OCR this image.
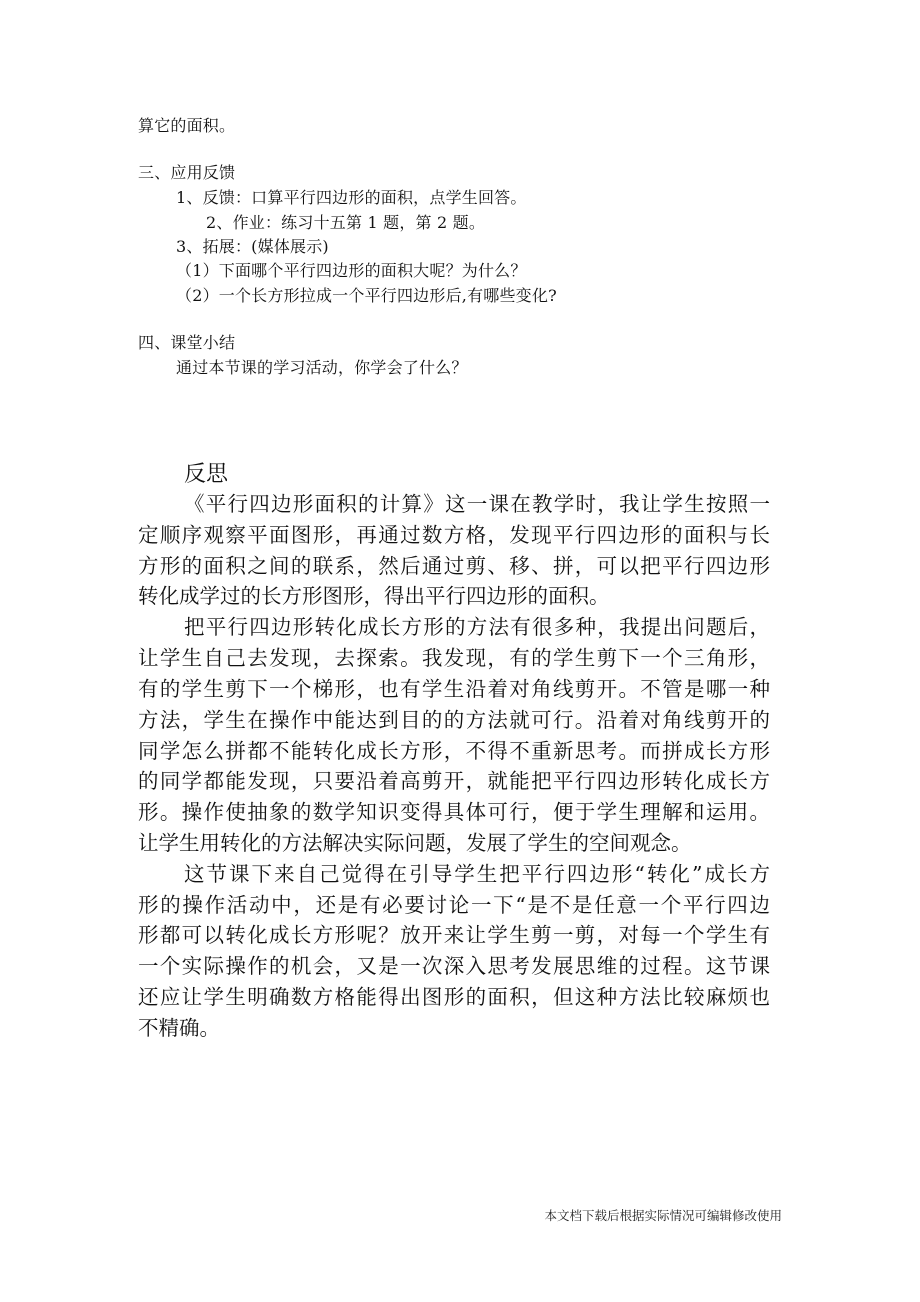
算它的面积。
三、应用反馈
1、反馈：口算平行四边形的面积，点学生回答。
2、作业：练习十五第 1 题，第 2 题。
3、拓展：(媒体展示)
（1）下面哪个平行四边形的面积大呢？为什么？
（2）一个长方形拉成一个平行四边形后,有哪些变化?
四、课堂小结
通过本节课的学习活动，你学会了什么？
反思
《平行四边形面积的计算》这一课在教学时，我让学生按照一
定顺序观察平面图形，再通过数方格，发现平行四边形的面积与长
方形的面积之间的联系，然后通过剪、移、拼，可以把平行四边形
转化成学过的长方形图形，得出平行四边形的面积。
把平行四边形转化成长方形的方法有很多种，我提出问题后，
让学生自己去发现，去探索。我发现，有的学生剪下一个三角形，
有的学生剪下一个梯形，也有学生沿着对角线剪开。不管是哪一种
方法，学生在操作中能达到目的的方法就可行。沿着对角线剪开的
同学怎么拼都不能转化成长方形，不得不重新思考。而拼成长方形
的同学都能发现，只要沿着高剪开，就能把平行四边形转化成长方
形。操作使抽象的数学知识变得具体可行，便于学生理解和运用。
让学生用转化的方法解决实际问题，发展了学生的空间观念。
这节课下来自己觉得在引导学生把平行四边形“转化”成长方
形的操作活动中，还是有必要讨论一下“是不是任意一个平行四边
形都可以转化成长方形呢？放开来让学生剪一剪，对每一个学生有
一个实际操作的机会，又是一次深入思考发展思维的过程。这节课
还应让学生明确数方格能得出图形的面积，但这种方法比较麻烦也
不精确。
本文档下载后根据实际情况可编辑修改使用
